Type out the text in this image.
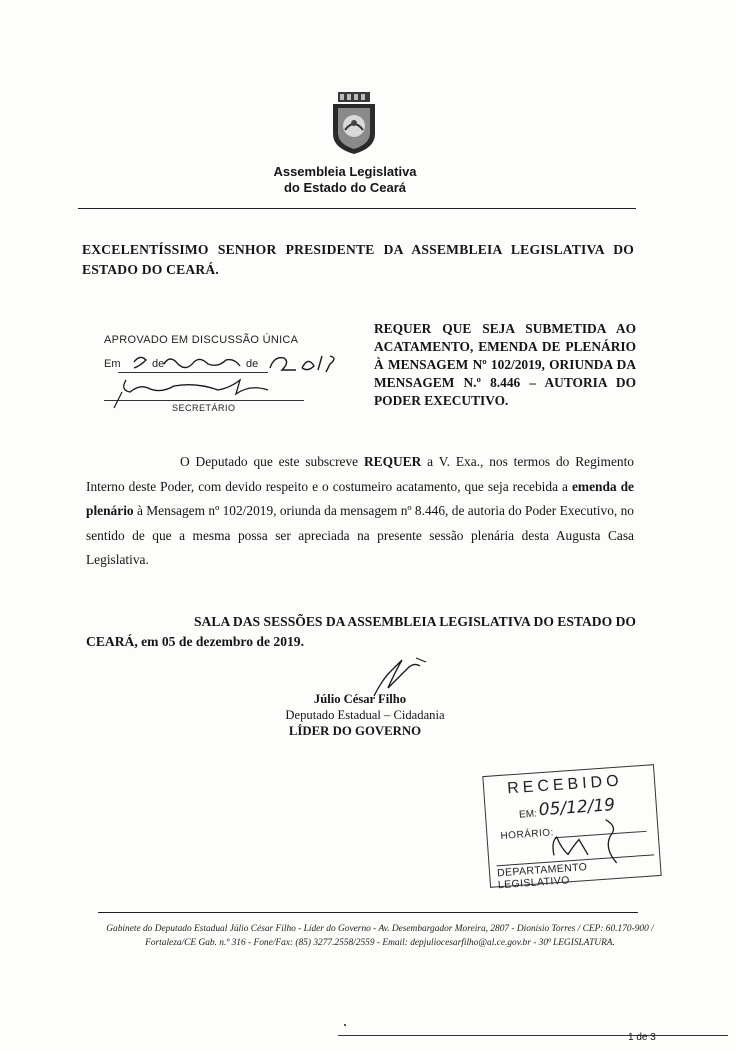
Assembleia Legislativa
do Estado do Ceará
EXCELENTÍSSIMO SENHOR PRESIDENTE DA ASSEMBLEIA LEGISLATIVA DO ESTADO DO CEARÁ.
APROVADO EM DISCUSSÃO ÚNICA
Em	de	de
SECRETÁRIO
REQUER QUE SEJA SUBMETIDA AO ACATAMENTO, EMENDA DE PLENÁRIO À MENSAGEM Nº 102/2019, ORIUNDA DA MENSAGEM N.º 8.446 – AUTORIA DO PODER EXECUTIVO.

O Deputado que este subscreve REQUER a V. Exa., nos termos do Regimento Interno deste Poder, com devido respeito e o costumeiro acatamento, que seja recebida a emenda de plenário à Mensagem nº 102/2019, oriunda da mensagem nº 8.446, de autoria do Poder Executivo, no sentido de que a mesma possa ser apreciada na presente sessão plenária desta Augusta Casa Legislativa.

SALA DAS SESSÕES DA ASSEMBLEIA LEGISLATIVA DO ESTADO DO CEARÁ, em 05 de dezembro de 2019.

Júlio César Filho
Deputado Estadual – Cidadania
LÍDER DO GOVERNO
RECEBIDO
EM: 05/12/19
HORÁRIO:
DEPARTAMENTO LEGISLATIVO
Gabinete do Deputado Estadual Júlio César Filho - Líder do Governo - Av. Desembargador Moreira, 2807 - Dionísio Torres / CEP: 60.170-900 /
Fortaleza/CE Gab. n.º 316 - Fone/Fax: (85) 3277.2558/2559 - Email: depjuliocesarfilho@al.ce.gov.br - 30ª LEGISLATURA.
1 de 3
